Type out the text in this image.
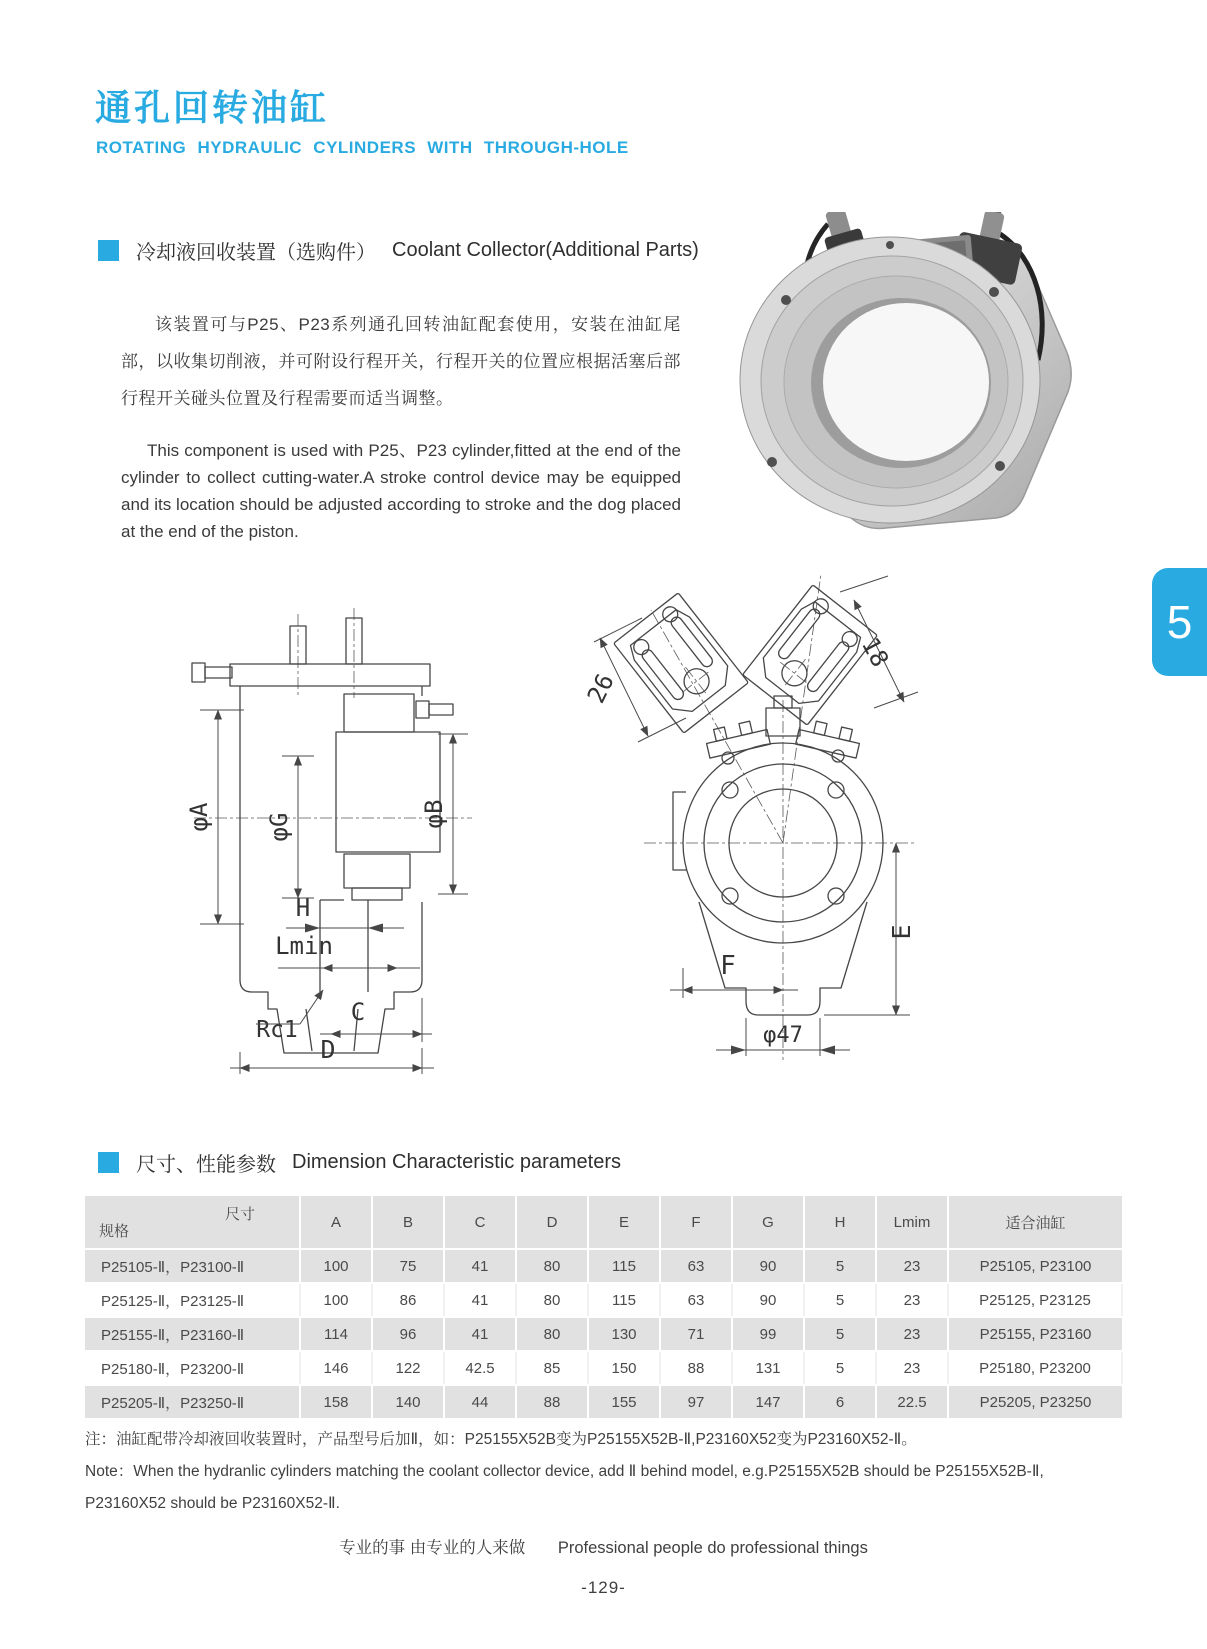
通孔回转油缸
ROTATING HYDRAULIC CYLINDERS WITH THROUGH-HOLE
冷却液回收装置（选购件） Coolant Collector(Additional Parts)
该装置可与P25、P23系列通孔回转油缸配套使用，安装在油缸尾部，以收集切削液，并可附设行程开关，行程开关的位置应根据活塞后部行程开关碰头位置及行程需要而适当调整。
This component is used with P25、P23 cylinder,fitted at the end of the cylinder to collect cutting-water.A stroke control device may be equipped and its location should be adjusted according to stroke and the dog placed at the end of the piston.
5
φA φG	φB
H
Lmin
Rc1
C
D
26
18
F
E
φ47
尺寸、性能参数 Dimension Characteristic parameters
尺寸
规格	A	B	C	D	E	F	G	H	Lmim	适合油缸
P25105-Ⅱ，P23100-Ⅱ	100	75	41	80	115	63	90	5	23	P25105, P23100
P25125-Ⅱ，P23125-Ⅱ	100	86	41	80	115	63	90	5	23	P25125, P23125
P25155-Ⅱ，P23160-Ⅱ	114	96	41	80	130	71	99	5	23	P25155, P23160
P25180-Ⅱ，P23200-Ⅱ	146	122	42.5	85	150	88	131	5	23	P25180, P23200
P25205-Ⅱ，P23250-Ⅱ	158	140	44	88	155	97	147	6	22.5	P25205, P23250
注：油缸配带冷却液回收装置时，产品型号后加Ⅱ，如：P25155X52B变为P25155X52B-Ⅱ,P23160X52变为P23160X52-Ⅱ。
Note：When the hydranlic cylinders matching the coolant collector device, add Ⅱ behind model, e.g.P25155X52B should be P25155X52B-Ⅱ,
P23160X52 should be P23160X52-Ⅱ.
专业的事 由专业的人来做 Professional people do professional things
-129-
